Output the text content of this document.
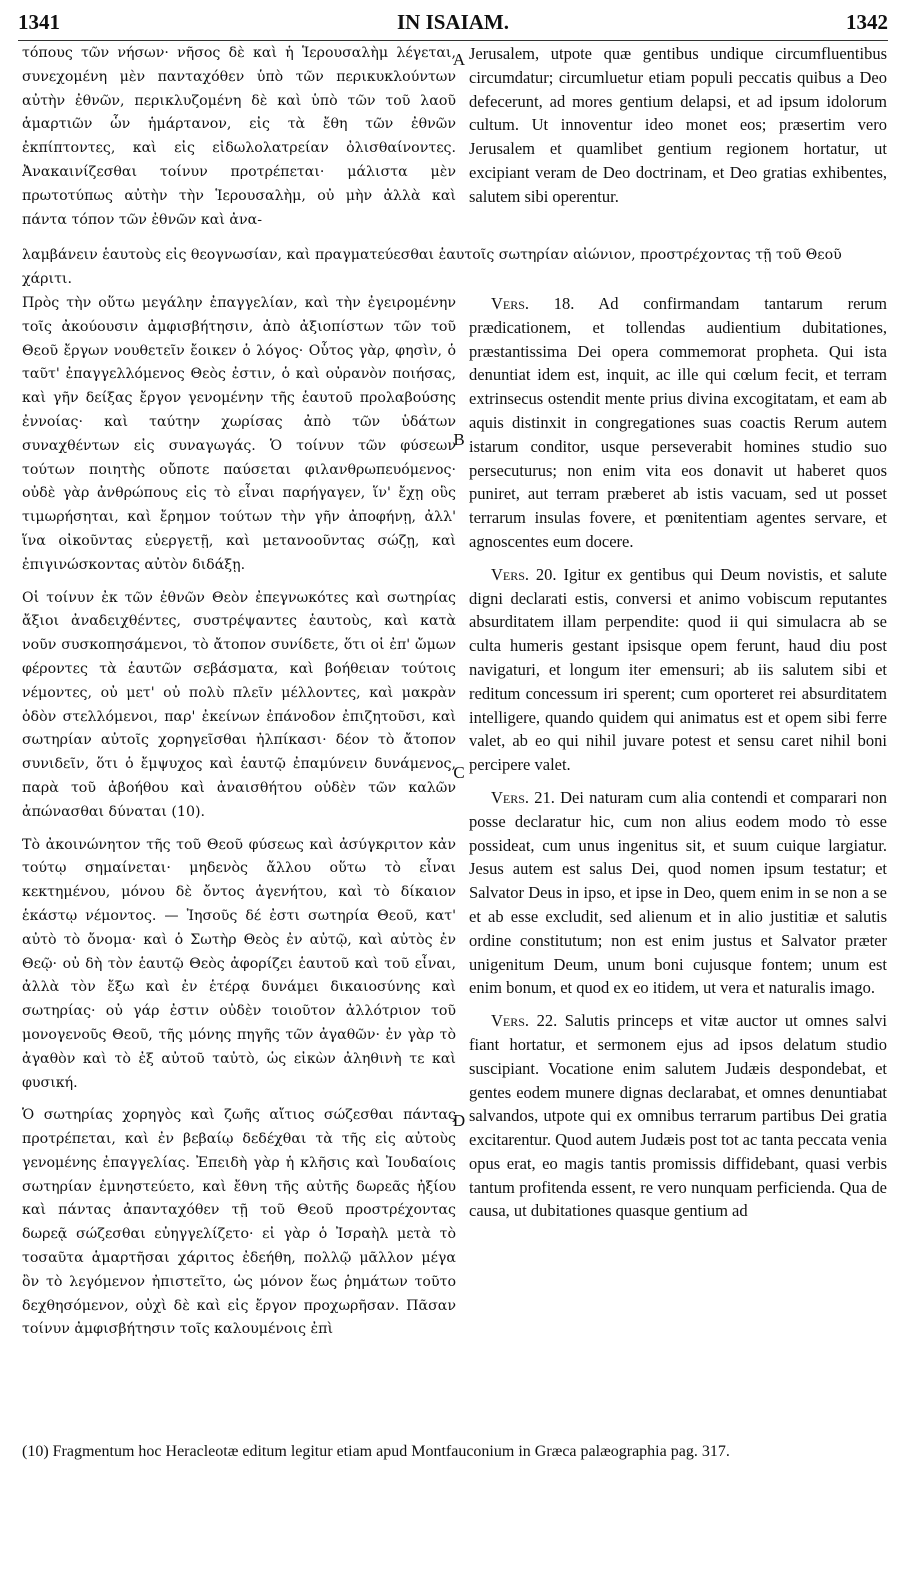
1341	IN ISAIAM.	1342

τόπους τῶν νήσων· νῆσος δὲ καὶ ἡ Ἱερουσαλὴμ λέγεται, συνεχομένη μὲν πανταχόθεν ὑπὸ τῶν περικυκλούντων αὐτὴν ἐθνῶν, περικλυζομένη δὲ καὶ ὑπὸ τῶν τοῦ λαοῦ ἁμαρτιῶν ὧν ἡμάρτανον, εἰς τὰ ἔθη τῶν ἐθνῶν ἐκπίπτοντες, καὶ εἰς εἰδωλολατρείαν ὀλισθαίνοντες. Ἀνακαινίζεσθαι τοίνυν προτρέπεται· μάλιστα μὲν πρωτοτύπως αὐτὴν τὴν Ἱερουσαλὴμ, οὐ μὴν ἀλλὰ καὶ πάντα τόπον τῶν ἐθνῶν καὶ ἀνα-

Jerusalem, utpote quæ gentibus undique circumfluentibus circumdatur; circumluetur etiam populi peccatis quibus a Deo defecerunt, ad mores gentium delapsi, et ad ipsum idolorum cultum. Ut innoventur ideo monet eos; præsertim vero Jerusalem et quamlibet gentium regionem hortatur, ut excipiant veram de Deo doctrinam, et Deo gratias exhibentes, salutem sibi operentur.

λαμβάνειν ἑαυτοὺς εἰς θεογνωσίαν, καὶ πραγματεύεσθαι ἑαυτοῖς σωτηρίαν αἰώνιον, προστρέχοντας τῇ τοῦ Θεοῦ χάριτι.

Πρὸς τὴν οὕτω μεγάλην ἐπαγγελίαν, καὶ τὴν ἐγειρομένην τοῖς ἀκούουσιν ἀμφισβήτησιν, ἀπὸ ἀξιοπίστων τῶν τοῦ Θεοῦ ἔργων νουθετεῖν ἔοικεν ὁ λόγος· Οὗτος γὰρ, φησὶν, ὁ ταῦτ' ἐπαγγελλόμενος Θεὸς ἐστιν, ὁ καὶ οὐρανὸν ποιήσας, καὶ γῆν δείξας ἔργον γενομένην τῆς ἑαυτοῦ προλαβούσης ἐννοίας· καὶ ταύτην χωρίσας ἀπὸ τῶν ὑδάτων συναχθέντων εἰς συναγωγάς. Ὁ τοίνυν τῶν φύσεων τούτων ποιητὴς οὔποτε παύσεται φιλανθρωπευόμενος· οὐδὲ γὰρ ἀνθρώπους εἰς τὸ εἶναι παρήγαγεν, ἵν' ἔχῃ οὓς τιμωρήσηται, καὶ ἔρημον τούτων τὴν γῆν ἀποφήνῃ, ἀλλ' ἵνα οἰκοῦντας εὐεργετῇ, καὶ μετανοοῦντας σώζῃ, καὶ ἐπιγινώσκοντας αὐτὸν διδάξῃ.

Οἱ τοίνυν ἐκ τῶν ἐθνῶν Θεὸν ἐπεγνωκότες καὶ σωτηρίας ἄξιοι ἀναδειχθέντες, συστρέψαντες ἑαυτοὺς, καὶ κατὰ νοῦν συσκοπησάμενοι, τὸ ἄτοπον συνίδετε, ὅτι οἱ ἐπ' ὤμων φέροντες τὰ ἑαυτῶν σεβάσματα, καὶ βοήθειαν τούτοις νέμοντες, οὐ μετ' οὐ πολὺ πλεῖν μέλλοντες, καὶ μακρὰν ὁδὸν στελλόμενοι, παρ' ἐκείνων ἐπάνοδον ἐπιζητοῦσι, καὶ σωτηρίαν αὐτοῖς χορηγεῖσθαι ἠλπίκασι· δέον τὸ ἄτοπον συνιδεῖν, ὅτι ὁ ἔμψυχος καὶ ἑαυτῷ ἐπαμύνειν δυνάμενος, παρὰ τοῦ ἀβοήθου καὶ ἀναισθήτου οὐδὲν τῶν καλῶν ἀπώνασθαι δύναται (10).

Τὸ ἀκοινώνητον τῆς τοῦ Θεοῦ φύσεως καὶ ἀσύγκριτον κἀν τούτῳ σημαίνεται· μηδενὸς ἄλλου οὕτω τὸ εἶναι κεκτημένου, μόνου δὲ ὄντος ἀγενήτου, καὶ τὸ δίκαιον ἑκάστῳ νέμοντος. — Ἰησοῦς δέ ἐστι σωτηρία Θεοῦ, κατ' αὐτὸ τὸ ὄνομα· καὶ ὁ Σωτὴρ Θεὸς ἐν αὐτῷ, καὶ αὐτὸς ἐν Θεῷ· οὐ δὴ τὸν ἑαυτῷ Θεὸς ἀφορίζει ἑαυτοῦ καὶ τοῦ εἶναι, ἀλλὰ τὸν ἔξω καὶ ἐν ἑτέρᾳ δυνάμει δικαιοσύνης καὶ σωτηρίας· οὐ γάρ ἐστιν οὐδὲν τοιοῦτον ἀλλότριον τοῦ μονογενοῦς Θεοῦ, τῆς μόνης πηγῆς τῶν ἀγαθῶν· ἐν γὰρ τὸ ἀγαθὸν καὶ τὸ ἐξ αὐτοῦ ταὐτὸ, ὡς εἰκὼν ἀληθινὴ τε καὶ φυσική.

Ὁ σωτηρίας χορηγὸς καὶ ζωῆς αἴτιος σώζεσθαι πάντας προτρέπεται, καὶ ἐν βεβαίῳ δεδέχθαι τὰ τῆς εἰς αὐτοὺς γενομένης ἐπαγγελίας. Ἐπειδὴ γὰρ ἡ κλῆσις καὶ Ἰουδαίοις σωτηρίαν ἐμνηστεύετο, καὶ ἔθνη τῆς αὐτῆς δωρεᾶς ἠξίου καὶ πάντας ἀπανταχόθεν τῇ τοῦ Θεοῦ προστρέχοντας δωρεᾷ σώζεσθαι εὐηγγελίζετο· εἰ γὰρ ὁ Ἰσραὴλ μετὰ τὸ τοσαῦτα ἁμαρτῆσαι χάριτος ἐδεήθη, πολλῷ μᾶλλον μέγα ὂν τὸ λεγόμενον ἠπιστεῖτο, ὡς μόνον ἕως ῥημάτων τοῦτο δεχθησόμενον, οὐχὶ δὲ καὶ εἰς ἔργον προχωρῆσαν. Πᾶσαν τοίνυν ἀμφισβήτησιν τοῖς καλουμένοις ἐπὶ

Vers. 18. Ad confirmandam tantarum rerum prædicationem, et tollendas audientium dubitationes, præstantissima Dei opera commemorat propheta. Qui ista denuntiat idem est, inquit, ac ille qui cœlum fecit, et terram extrinsecus ostendit mente prius divina excogitatam, et eam ab aquis distinxit in congregationes suas coactis Rerum autem istarum conditor, usque perseverabit homines studio suo persecuturus; non enim vita eos donavit ut haberet quos puniret, aut terram præberet ab istis vacuam, sed ut posset terrarum insulas fovere, et pœnitentiam agentes servare, et agnoscentes eum docere.

Vers. 20. Igitur ex gentibus qui Deum novistis, et salute digni declarati estis, conversi et animo vobiscum reputantes absurditatem illam perpendite: quod ii qui simulacra ab se culta humeris gestant ipsisque opem ferunt, haud diu post navigaturi, et longum iter emensuri; ab iis salutem sibi et reditum concessum iri sperent; cum oporteret rei absurditatem intelligere, quando quidem qui animatus est et opem sibi ferre valet, ab eo qui nihil juvare potest et sensu caret nihil boni percipere valet.

Vers. 21. Dei naturam cum alia contendi et comparari non posse declaratur hic, cum non alius eodem modo τὸ esse possideat, cum unus ingenitus sit, et suum cuique largiatur. Jesus autem est salus Dei, quod nomen ipsum testatur; et Salvator Deus in ipso, et ipse in Deo, quem enim in se non a se et ab esse excludit, sed alienum et in alio justitiæ et salutis ordine constitutum; non est enim justus et Salvator præter unigenitum Deum, unum boni cujusque fontem; unum est enim bonum, et quod ex eo itidem, ut vera et naturalis imago.

Vers. 22. Salutis princeps et vitæ auctor ut omnes salvi fiant hortatur, et sermonem ejus ad ipsos delatum studio suscipiant. Vocatione enim salutem Judæis despondebat, et gentes eodem munere dignas declarabat, et omnes denuntiabat salvandos, utpote qui ex omnibus terrarum partibus Dei gratia excitarentur. Quod autem Judæis post tot ac tanta peccata venia opus erat, eo magis tantis promissis diffidebant, quasi verbis tantum profitenda essent, re vero nunquam perficienda. Qua de causa, ut dubitationes quasque gentium ad

A
B
C
D
(10) Fragmentum hoc Heracleotæ editum legitur etiam apud Montfauconium in Græca palæographia pag. 317.
